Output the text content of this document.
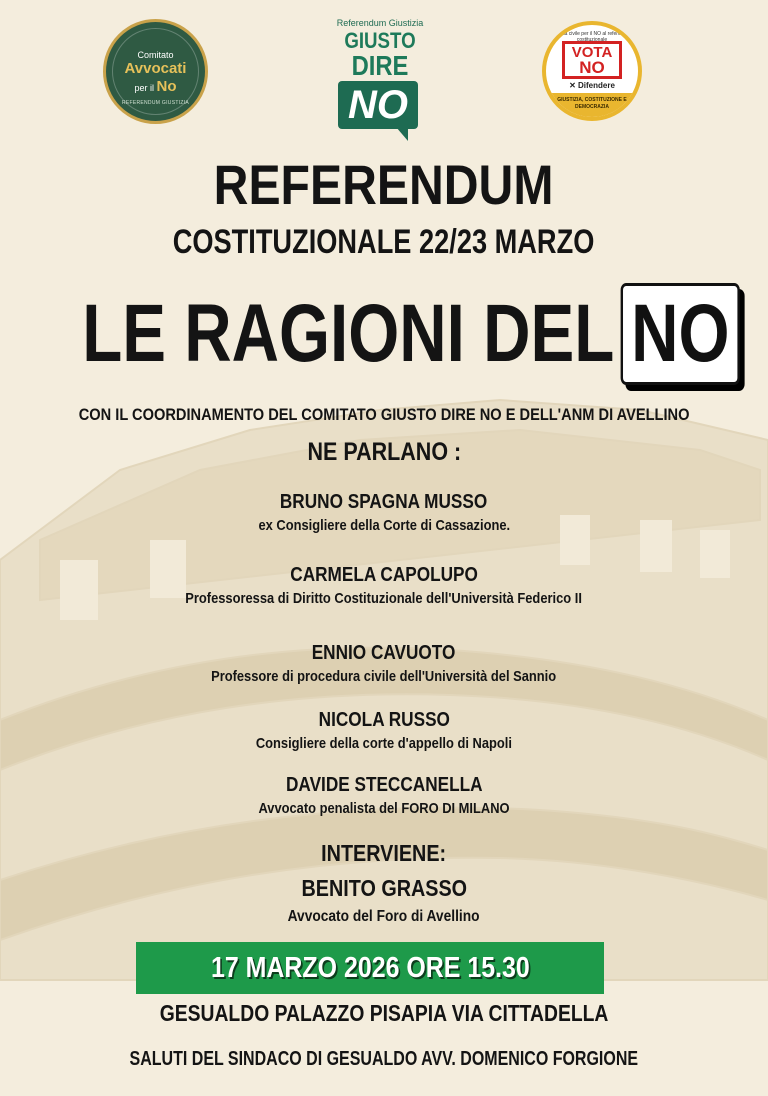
Comitato
Avvocati
per il No
REFERENDUM GIUSTIZIA
Referendum Giustizia
GIUSTO
DIRE
NO
Società civile per il NO al referendum costituzionale
VOTA
NO
✕ Difendere
GIUSTIZIA, COSTITUZIONE E DEMOCRAZIA
REFERENDUM
COSTITUZIONALE 22/23 MARZO
LE RAGIONI DEL NO
CON IL COORDINAMENTO DEL COMITATO GIUSTO DIRE NO E DELL'ANM DI AVELLINO
NE PARLANO :
BRUNO SPAGNA MUSSO
ex Consigliere della Corte di Cassazione.
CARMELA CAPOLUPO
Professoressa di Diritto Costituzionale dell'Università Federico II
ENNIO CAVUOTO
Professore di procedura civile dell'Università del Sannio
NICOLA RUSSO
Consigliere della corte d'appello di Napoli
DAVIDE STECCANELLA
Avvocato penalista del FORO DI MILANO
INTERVIENE:
BENITO GRASSO
Avvocato del Foro di Avellino
17 MARZO 2026 ORE 15.30
GESUALDO PALAZZO PISAPIA VIA CITTADELLA
SALUTI DEL SINDACO DI GESUALDO AVV. DOMENICO FORGIONE
